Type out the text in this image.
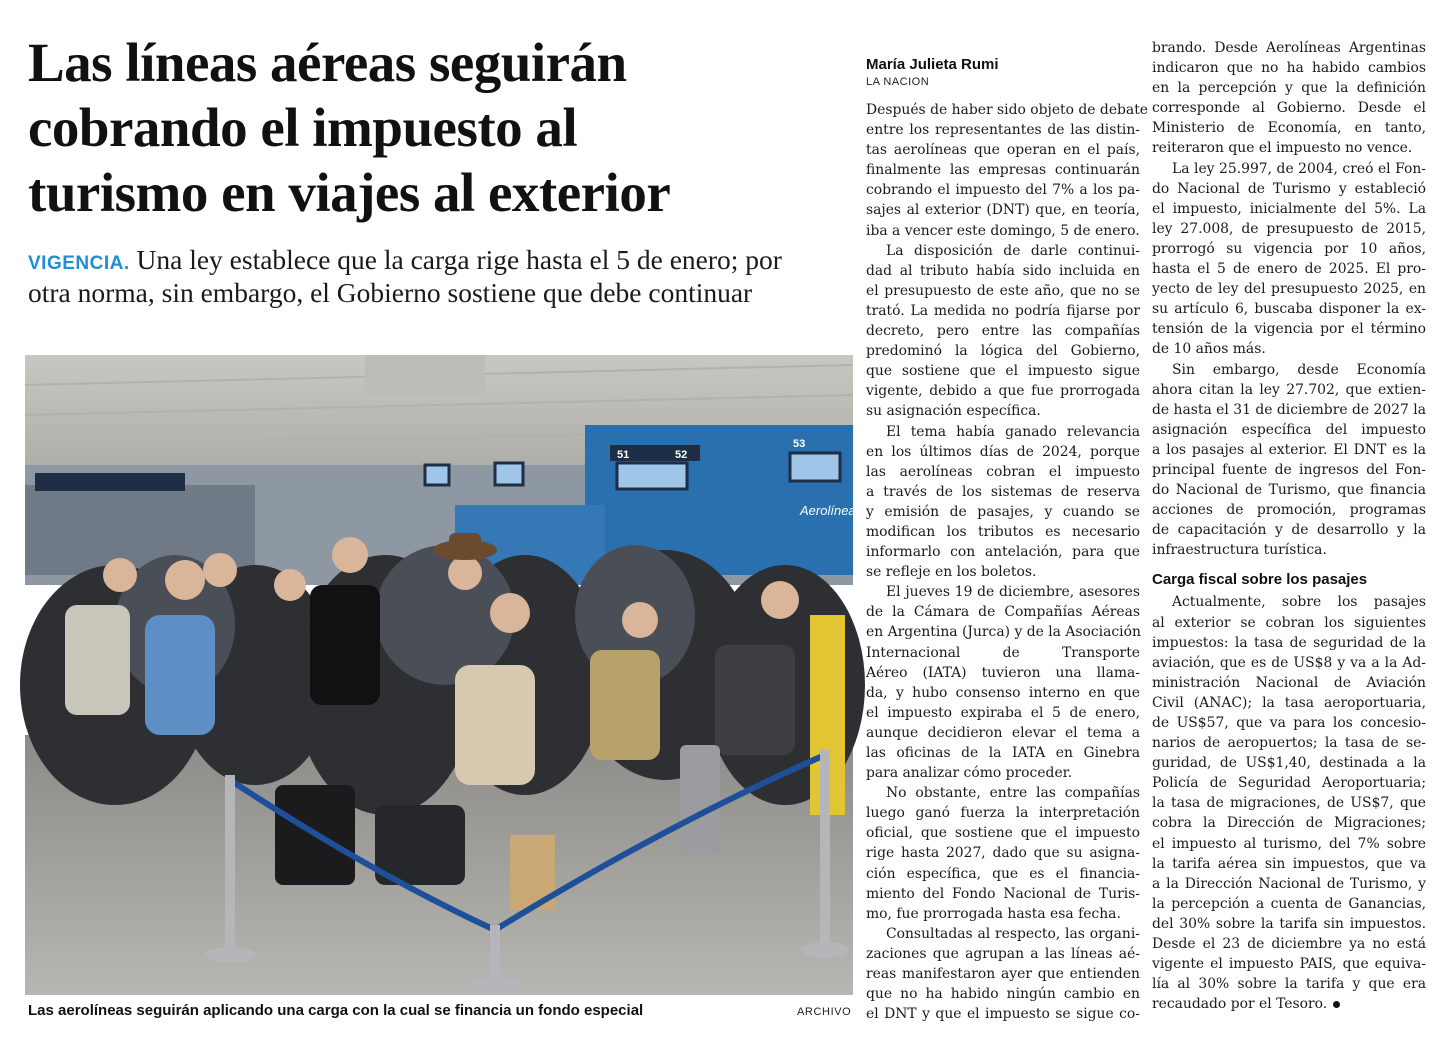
Las líneas aéreas seguirán
cobrando el impuesto al
turismo en viajes al exterior
VIGENCIA. Una ley establece que la carga rige hasta el 5 de enero; por
otra norma, sin embargo, el Gobierno sostiene que debe continuar
51	52
53
Aerolíneas
Las aerolíneas seguirán aplicando una carga con la cual se financia un fondo especial	ARCHIVO
María Julieta Rumi
LA NACION
Después de haber sido objeto de debate
entre los representantes de las distin-
tas aerolíneas que operan en el país,
finalmente las empresas continuarán
cobrando el impuesto del 7% a los pa-
sajes al exterior (DNT) que, en teoría,
iba a vencer este domingo, 5 de enero.
La disposición de darle continui-
dad al tributo había sido incluida en
el presupuesto de este año, que no se
trató. La medida no podría fijarse por
decreto, pero entre las compañías
predominó la lógica del Gobierno,
que sostiene que el impuesto sigue
vigente, debido a que fue prorrogada
su asignación específica.
El tema había ganado relevancia
en los últimos días de 2024, porque
las aerolíneas cobran el impuesto
a través de los sistemas de reserva
y emisión de pasajes, y cuando se
modifican los tributos es necesario
informarlo con antelación, para que
se refleje en los boletos.
El jueves 19 de diciembre, asesores
de la Cámara de Compañías Aéreas
en Argentina (Jurca) y de la Asociación
Internacional de Transporte
Aéreo (IATA) tuvieron una llama-
da, y hubo consenso interno en que
el impuesto expiraba el 5 de enero,
aunque decidieron elevar el tema a
las oficinas de la IATA en Ginebra
para analizar cómo proceder.
No obstante, entre las compañías
luego ganó fuerza la interpretación
oficial, que sostiene que el impuesto
rige hasta 2027, dado que su asigna-
ción específica, que es el financia-
miento del Fondo Nacional de Turis-
mo, fue prorrogada hasta esa fecha.
Consultadas al respecto, las organi-
zaciones que agrupan a las líneas aé-
reas manifestaron ayer que entienden
que no ha habido ningún cambio en
el DNT y que el impuesto se sigue co-
brando. Desde Aerolíneas Argentinas
indicaron que no ha habido cambios
en la percepción y que la definición
corresponde al Gobierno. Desde el
Ministerio de Economía, en tanto,
reiteraron que el impuesto no vence.
La ley 25.997, de 2004, creó el Fon-
do Nacional de Turismo y estableció
el impuesto, inicialmente del 5%. La
ley 27.008, de presupuesto de 2015,
prorrogó su vigencia por 10 años,
hasta el 5 de enero de 2025. El pro-
yecto de ley del presupuesto 2025, en
su artículo 6, buscaba disponer la ex-
tensión de la vigencia por el término
de 10 años más.
Sin embargo, desde Economía
ahora citan la ley 27.702, que extien-
de hasta el 31 de diciembre de 2027 la
asignación específica del impuesto
a los pasajes al exterior. El DNT es la
principal fuente de ingresos del Fon-
do Nacional de Turismo, que financia
acciones de promoción, programas
de capacitación y de desarrollo y la
infraestructura turística.
Carga fiscal sobre los pasajes
Actualmente, sobre los pasajes
al exterior se cobran los siguientes
impuestos: la tasa de seguridad de la
aviación, que es de US$8 y va a la Ad-
ministración Nacional de Aviación
Civil (ANAC); la tasa aeroportuaria,
de US$57, que va para los concesio-
narios de aeropuertos; la tasa de se-
guridad, de US$1,40, destinada a la
Policía de Seguridad Aeroportuaria;
la tasa de migraciones, de US$7, que
cobra la Dirección de Migraciones;
el impuesto al turismo, del 7% sobre
la tarifa aérea sin impuestos, que va
a la Dirección Nacional de Turismo, y
la percepción a cuenta de Ganancias,
del 30% sobre la tarifa sin impuestos.
Desde el 23 de diciembre ya no está
vigente el impuesto PAIS, que equiva-
lía al 30% sobre la tarifa y que era
recaudado por el Tesoro.
